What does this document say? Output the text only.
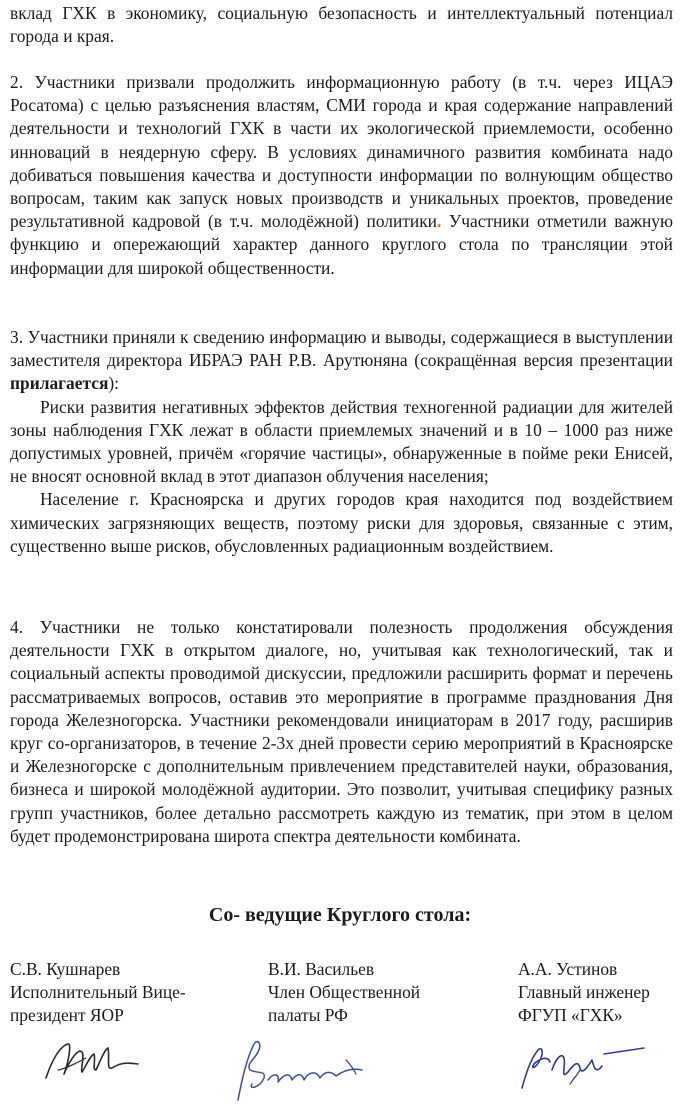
вклад ГХК в экономику, социальную безопасность и интеллектуальный потенциал города и края.

2. Участники призвали продолжить информационную работу (в т.ч. через ИЦАЭ Росатома) с целью разъяснения властям, СМИ города и края содержание направлений деятельности и технологий ГХК в части их экологической приемлемости, особенно инноваций в неядерную сферу. В условиях динамичного развития комбината надо добиваться повышения качества и доступности информации по волнующим общество вопросам, таким как запуск новых производств и уникальных проектов, проведение результативной кадровой (в т.ч. молодёжной) политики. Участники отметили важную функцию и опережающий характер данного круглого стола по трансляции этой информации для широкой общественности.

3. Участники приняли к сведению информацию и выводы, содержащиеся в выступлении заместителя директора ИБРАЭ РАН Р.В. Арутюняна (сокращённая версия презентации прилагается):

Риски развития негативных эффектов действия техногенной радиации для жителей зоны наблюдения ГХК лежат в области приемлемых значений и в 10 – 1000 раз ниже допустимых уровней, причём «горячие частицы», обнаруженные в пойме реки Енисей, не вносят основной вклад в этот диапазон облучения населения;

Население г. Красноярска и других городов края находится под воздействием химических загрязняющих веществ, поэтому риски для здоровья, связанные с этим, существенно выше рисков, обусловленных радиационным воздействием.

4. Участники не только констатировали полезность продолжения обсуждения деятельности ГХК в открытом диалоге, но, учитывая как технологический, так и социальный аспекты проводимой дискуссии, предложили расширить формат и перечень рассматриваемых вопросов, оставив это мероприятие в программе празднования Дня города Железногорска. Участники рекомендовали инициаторам в 2017 году, расширив круг со-организаторов, в течение 2-3х дней провести серию мероприятий в Красноярске и Железногорске с дополнительным привлечением представителей науки, образования, бизнеса и широкой молодёжной аудитории. Это позволит, учитывая специфику разных групп участников, более детально рассмотреть каждую из тематик, при этом в целом будет продемонстрирована широта спектра деятельности комбината.

Со- ведущие Круглого стола:
С.В. Кушнарев
Исполнительный Вице-
президент ЯОР
В.И. Васильев
Член Общественной
палаты РФ
А.А. Устинов
Главный инженер
ФГУП «ГХК»
